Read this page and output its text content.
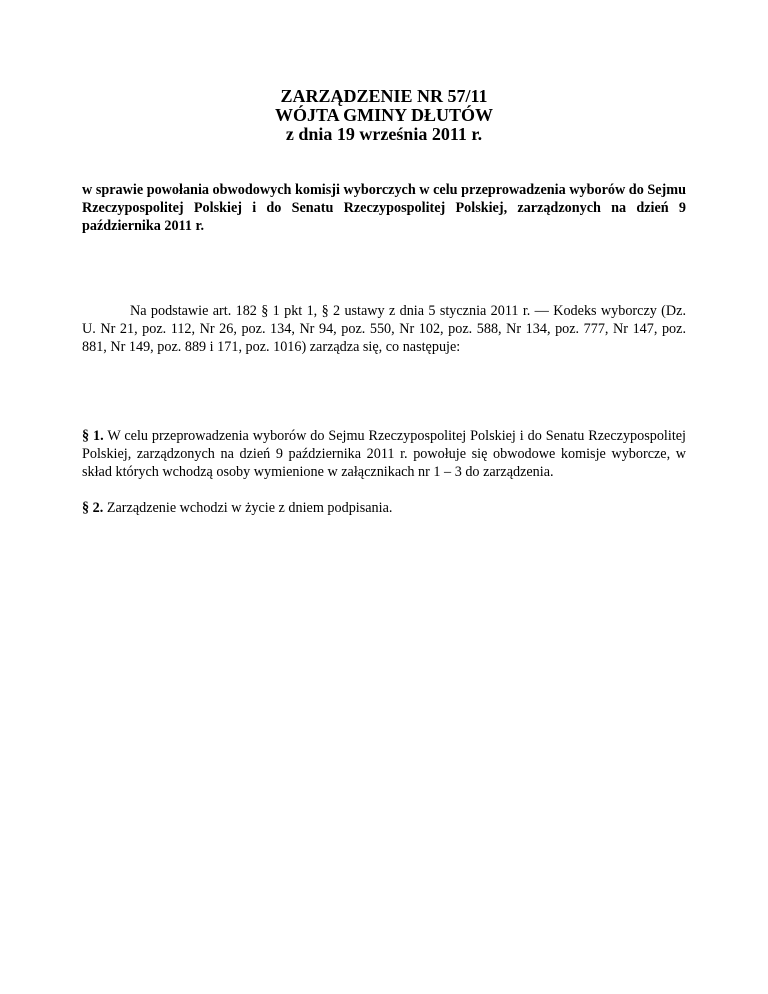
ZARZĄDZENIE NR 57/11
WÓJTA GMINY DŁUTÓW
z dnia 19 września 2011 r.
w sprawie powołania obwodowych komisji wyborczych w celu przeprowadzenia wyborów do Sejmu Rzeczypospolitej Polskiej i do Senatu Rzeczypospolitej Polskiej, zarządzonych na dzień 9 października 2011 r.
Na podstawie art. 182 § 1 pkt 1, § 2 ustawy z dnia 5 stycznia 2011 r. — Kodeks wyborczy (Dz. U. Nr 21, poz. 112, Nr 26, poz. 134, Nr 94, poz. 550, Nr 102, poz. 588, Nr 134, poz. 777, Nr 147, poz. 881, Nr 149, poz. 889 i 171, poz. 1016) zarządza się, co następuje:
§ 1. W celu przeprowadzenia wyborów do Sejmu Rzeczypospolitej Polskiej i do Senatu Rzeczypospolitej Polskiej, zarządzonych na dzień 9 października 2011 r. powołuje się obwodowe komisje wyborcze, w skład których wchodzą osoby wymienione w załącznikach nr 1 – 3 do zarządzenia.
§ 2. Zarządzenie wchodzi w życie z dniem podpisania.
